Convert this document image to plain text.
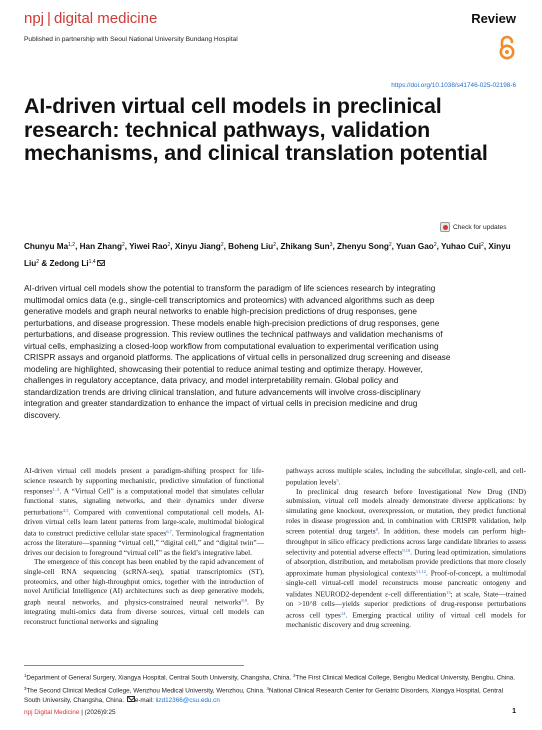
npj | digital medicine	Review
Published in partnership with Seoul National University Bundang Hospital
https://doi.org/10.1038/s41746-025-02198-6
AI-driven virtual cell models in preclinical research: technical pathways, validation mechanisms, and clinical translation potential
Check for updates
Chunyu Ma$^{1,2}$, Han Zhang$^2$, Yiwei Rao$^2$, Xinyu Jiang$^2$, Boheng Liu$^2$, Zhikang Sun$^3$, Zhenyu Song$^2$, Yuan Gao$^2$, Yuhao Cui$^2$, Xinyu Liu$^2$ & Zedong Li$^{1,4}$
AI-driven virtual cell models show the potential to transform the paradigm of life sciences research by integrating multimodal omics data (e.g., single-cell transcriptomics and proteomics) with advanced algorithms such as deep generative models and graph neural networks to enable high-precision predictions of drug responses, gene perturbations, and disease progression. These models enable high-precision predictions of drug responses, gene perturbations, and disease progression. This review outlines the technical pathways and validation mechanisms of virtual cells, emphasizing a closed-loop workflow from computational evaluation to experimental verification using CRISPR assays and organoid platforms. The applications of virtual cells in personalized drug screening and disease modeling are highlighted, showcasing their potential to reduce animal testing and optimize therapy. However, challenges in regulatory acceptance, data privacy, and model interpretability remain. Global policy and standardization trends are driving clinical translation, and future advancements will involve cross-disciplinary integration and greater standardization to enhance the impact of virtual cells in precision medicine and drug discovery.

AI-driven virtual cell models present a paradigm-shifting prospect for life-science research by supporting mechanistic, predictive simulation of functional responses$^{1-3}$. A “Virtual Cell” is a computational model that simulates cellular functional states, signaling networks, and their dynamics under diverse perturbations$^{4,5}$. Compared with conventional computational cell models, AI-driven virtual cells learn latent patterns from large-scale, multimodal biological data to construct predictive cellular state spaces$^{6,7}$. Terminological fragmentation across the literature—spanning “virtual cell,” “digital cell,” and “digital twin”—drives our decision to foreground “virtual cell” as the field’s integrative label.

The emergence of this concept has been enabled by the rapid advancement of single-cell RNA sequencing (scRNA-seq), spatial transcriptomics (ST), proteomics, and other high-throughput omics, together with the introduction of novel Artificial Intelligence (AI) architectures such as deep generative models, graph neural networks, and physics-constrained neural networks$^{8,9}$. By integrating multi-omics data from diverse sources, virtual cell models can reconstruct functional networks and signaling

pathways across multiple scales, including the subcellular, single-cell, and cell-population levels$^5$.

In preclinical drug research before Investigational New Drug (IND) submission, virtual cell models already demonstrate diverse applications: by simulating gene knockout, overexpression, or mutation, they predict functional roles in disease progression and, in combination with CRISPR validation, help screen potential drug targets$^8$. In addition, these models can perform high-throughput in silico efficacy predictions across large candidate libraries to assess selectivity and potential adverse effects$^{9,10}$. During lead optimization, simulations of absorption, distribution, and metabolism provide predictions that more closely approximate human physiological contexts$^{11,12}$. Proof-of-concept, a multimodal single-cell virtual-cell model reconstructs mouse pancreatic ontogeny and validates NEUROD2-dependent ε-cell differentiation$^{13}$; at scale, State—trained on >10^8 cells—yields superior predictions of drug-response perturbations across cell types$^{14}$. Emerging practical utility of virtual cell models for mechanistic discovery and drug screening.

$^1$Department of General Surgery, Xiangya Hospital, Central South University, Changsha, China. $^2$The First Clinical Medical College, Bengbu Medical University, Bengbu, China. $^3$The Second Clinical Medical College, Wenzhou Medical University, Wenzhou, China. $^4$National Clinical Research Center for Geriatric Disorders, Xiangya Hospital, Central South University, Changsha, China. e-mail: lizd12366@csu.edu.cn
npj Digital Medicine | (2026)9:25	1
